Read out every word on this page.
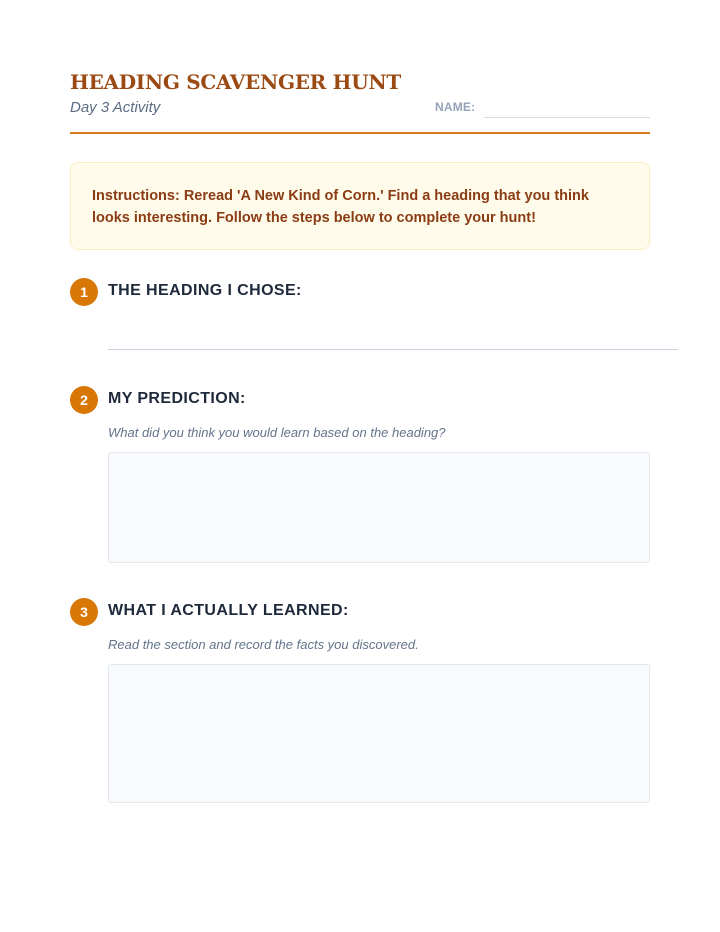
HEADING SCAVENGER HUNT
Day 3 Activity	NAME:

Instructions: Reread 'A New Kind of Corn.' Find a heading that you think looks interesting. Follow the steps below to complete your hunt!

1	THE HEADING I CHOSE:
2	MY PREDICTION:
What did you think you would learn based on the heading?
3	WHAT I ACTUALLY LEARNED:
Read the section and record the facts you discovered.
